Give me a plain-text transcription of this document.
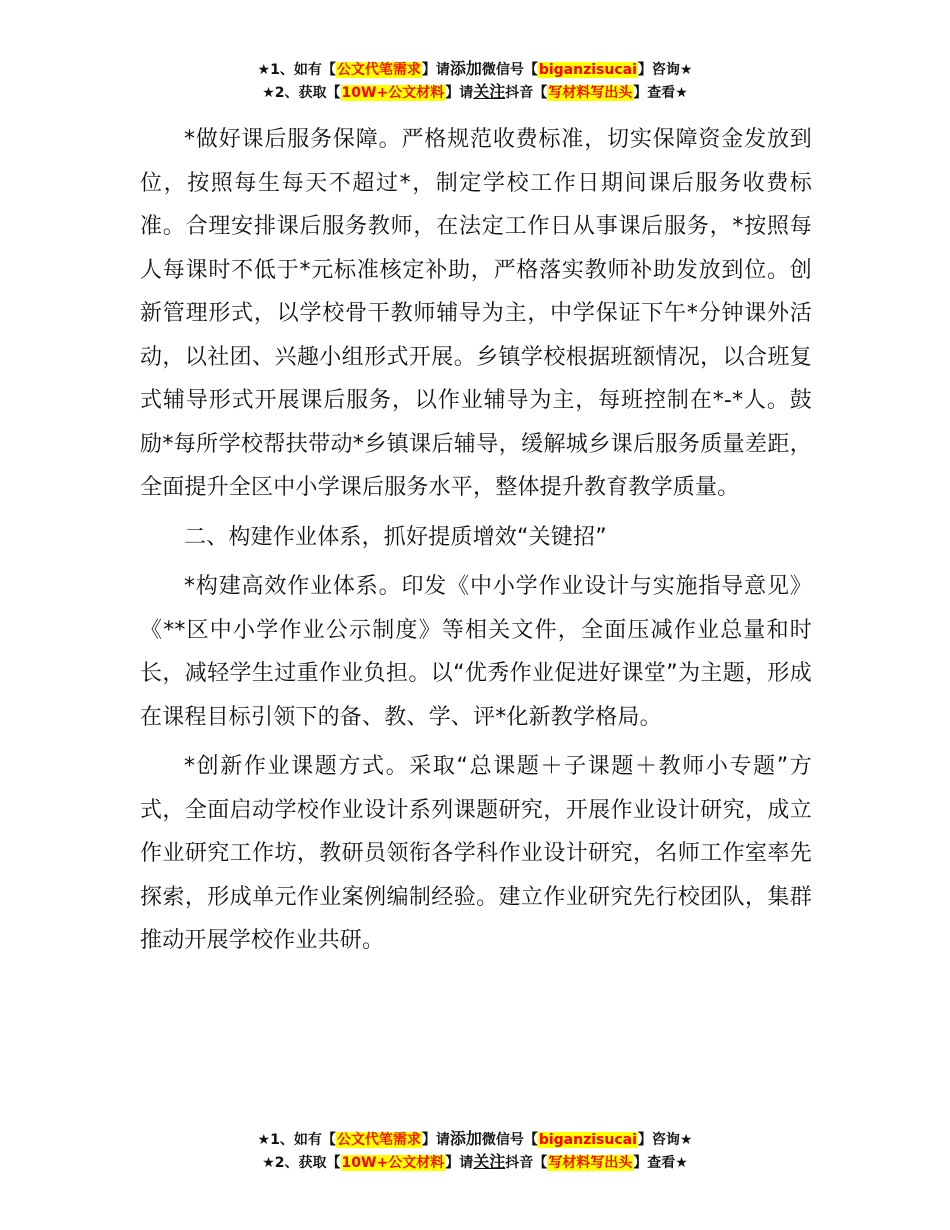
★1、如有【公文代笔需求】请添加微信号【biganzisucai】咨询★
★2、获取【10W+公文材料】请关注抖音【写材料写出头】查看★

*做好课后服务保障。严格规范收费标准，切实保障资金发放到位，按照每生每天不超过*，制定学校工作日期间课后服务收费标准。合理安排课后服务教师，在法定工作日从事课后服务，*按照每人每课时不低于*元标准核定补助，严格落实教师补助发放到位。创新管理形式，以学校骨干教师辅导为主，中学保证下午*分钟课外活动，以社团、兴趣小组形式开展。乡镇学校根据班额情况，以合班复式辅导形式开展课后服务，以作业辅导为主，每班控制在*-*人。鼓励*每所学校帮扶带动*乡镇课后辅导，缓解城乡课后服务质量差距，全面提升全区中小学课后服务水平，整体提升教育教学质量。

二、构建作业体系，抓好提质增效“关键招”

*构建高效作业体系。印发《中小学作业设计与实施指导意见》《**区中小学作业公示制度》等相关文件，全面压减作业总量和时长，减轻学生过重作业负担。以“优秀作业促进好课堂”为主题，形成在课程目标引领下的备、教、学、评*化新教学格局。

*创新作业课题方式。采取“总课题＋子课题＋教师小专题”方式，全面启动学校作业设计系列课题研究，开展作业设计研究，成立作业研究工作坊，教研员领衔各学科作业设计研究，名师工作室率先探索，形成单元作业案例编制经验。建立作业研究先行校团队，集群推动开展学校作业共研。

★1、如有【公文代笔需求】请添加微信号【biganzisucai】咨询★
★2、获取【10W+公文材料】请关注抖音【写材料写出头】查看★
